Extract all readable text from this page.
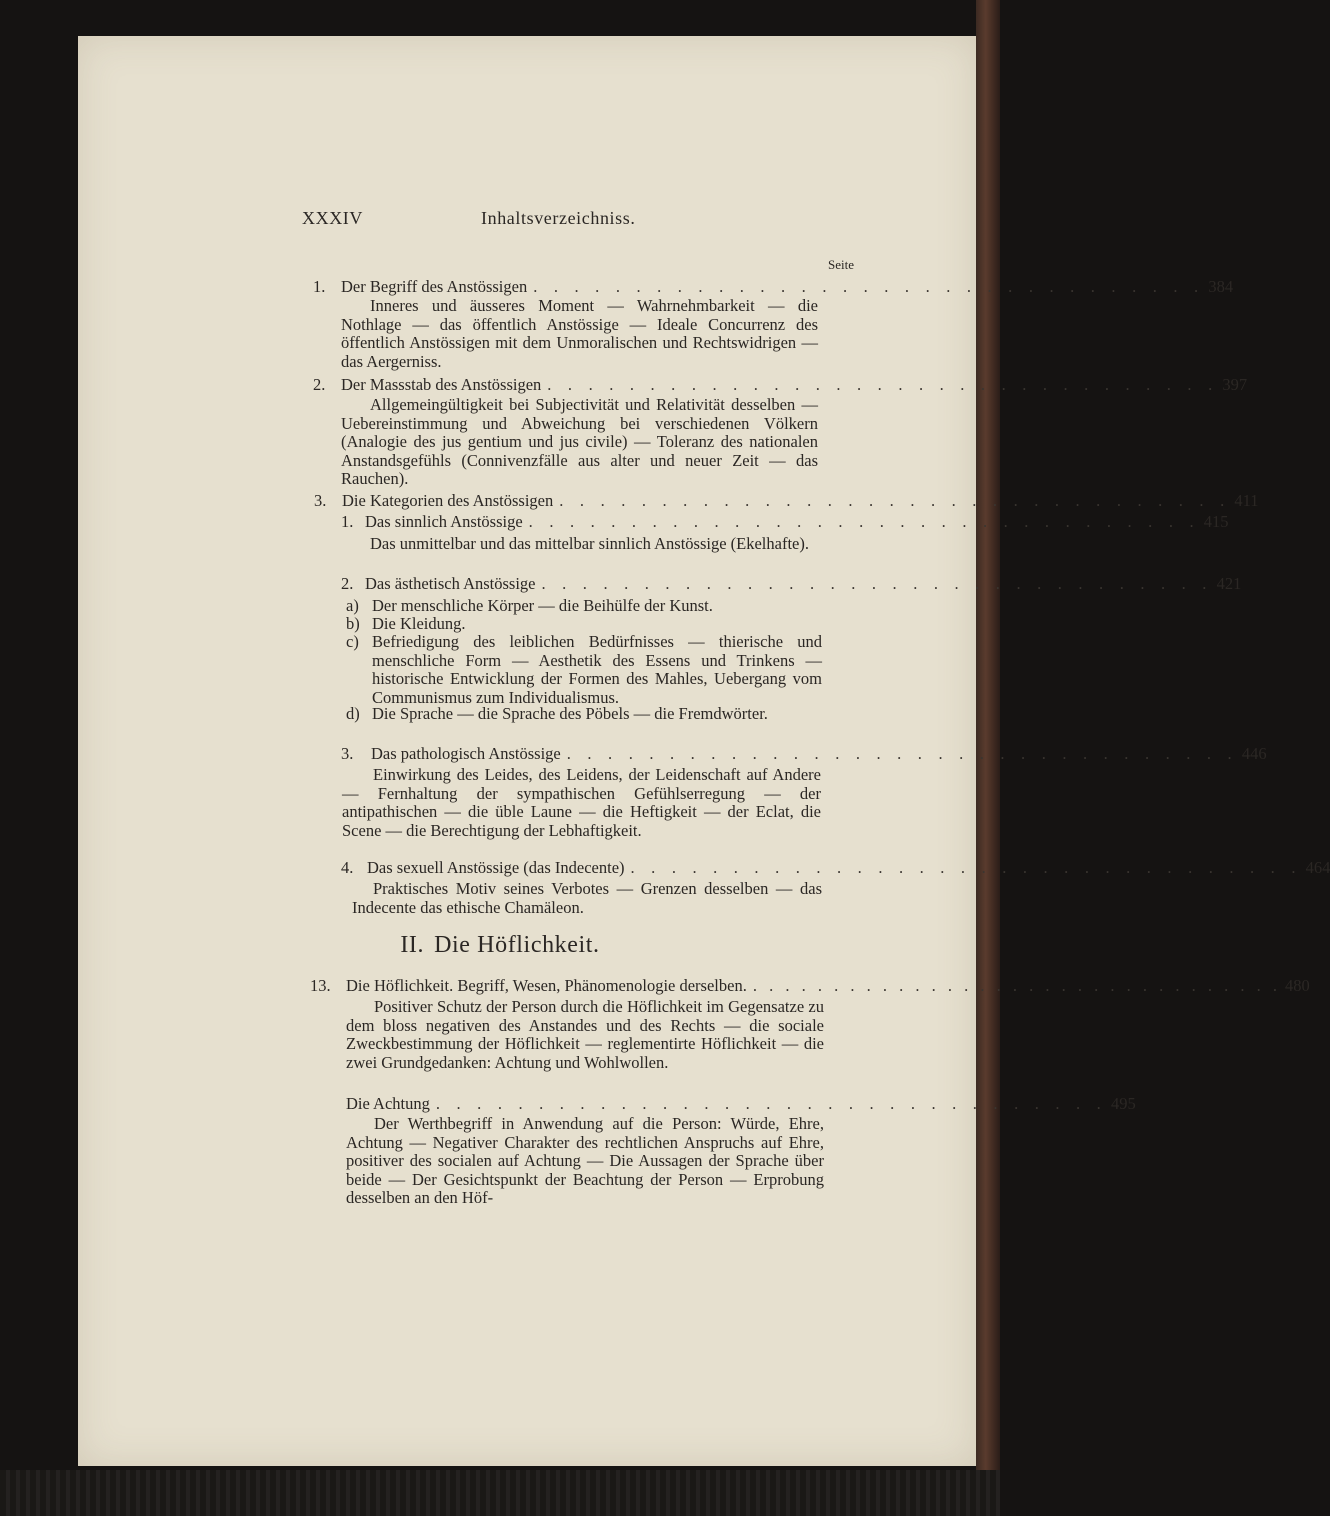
XXXIV	Inhaltsverzeichniss.
Seite
1. Der Begriff des Anstössigen . . . . . . . . . . . . . . . . . . . . . . . . . . . . . . . . . 384
Inneres und äusseres Moment — Wahrnehmbarkeit — die Nothlage — das öffentlich Anstössige — Ideale Concurrenz des öffentlich Anstössigen mit dem Unmoralischen und Rechtswidrigen — das Aergerniss.
2. Der Massstab des Anstössigen . . . . . . . . . . . . . . . . . . . . . . . . . . . . . . . . . 397
Allgemeingültigkeit bei Subjectivität und Relativität desselben — Uebereinstimmung und Abweichung bei verschiedenen Völkern (Analogie des jus gentium und jus civile) — Toleranz des nationalen Anstandsgefühls (Connivenzfälle aus alter und neuer Zeit — das Rauchen).
3. Die Kategorien des Anstössigen . . . . . . . . . . . . . . . . . . . . . . . . . . . . . . . . . 411
1. Das sinnlich Anstössige . . . . . . . . . . . . . . . . . . . . . . . . . . . . . . . . . 415
Das unmittelbar und das mittelbar sinnlich Anstössige (Ekelhafte).
2. Das ästhetisch Anstössige . . . . . . . . . . . . . . . . . . . . . . . . . . . . . . . . . 421
a) Der menschliche Körper — die Beihülfe der Kunst.
b) Die Kleidung.
c) Befriedigung des leiblichen Bedürfnisses — thierische und menschliche Form — Aesthetik des Essens und Trinkens — historische Entwicklung der Formen des Mahles, Uebergang vom Communismus zum Individualismus.
d) Die Sprache — die Sprache des Pöbels — die Fremdwörter.
3. Das pathologisch Anstössige . . . . . . . . . . . . . . . . . . . . . . . . . . . . . . . . . 446
Einwirkung des Leides, des Leidens, der Leidenschaft auf Andere — Fernhaltung der sympathischen Gefühlserregung — der antipathischen — die üble Laune — die Heftigkeit — der Eclat, die Scene — die Berechtigung der Lebhaftigkeit.
4. Das sexuell Anstössige (das Indecente) . . . . . . . . . . . . . . . . . . . . . . . . . . . . . . . . . 464
Praktisches Motiv seines Verbotes — Grenzen desselben — das Indecente das ethische Chamäleon.
II. Die Höflichkeit.
13. Die Höflichkeit. Begriff, Wesen, Phänomenologie derselben. . . . . . . . . . . . . . . . . . . . . . . . . . . . . . . . . . 480
Positiver Schutz der Person durch die Höflichkeit im Gegensatze zu dem bloss negativen des Anstandes und des Rechts — die sociale Zweckbestimmung der Höflichkeit — reglementirte Höflichkeit — die zwei Grundgedanken: Achtung und Wohlwollen.
Die Achtung . . . . . . . . . . . . . . . . . . . . . . . . . . . . . . . . . 495
Der Werthbegriff in Anwendung auf die Person: Würde, Ehre, Achtung — Negativer Charakter des rechtlichen Anspruchs auf Ehre, positiver des socialen auf Achtung — Die Aussagen der Sprache über beide — Der Gesichtspunkt der Beachtung der Person — Erprobung desselben an den Höf-
